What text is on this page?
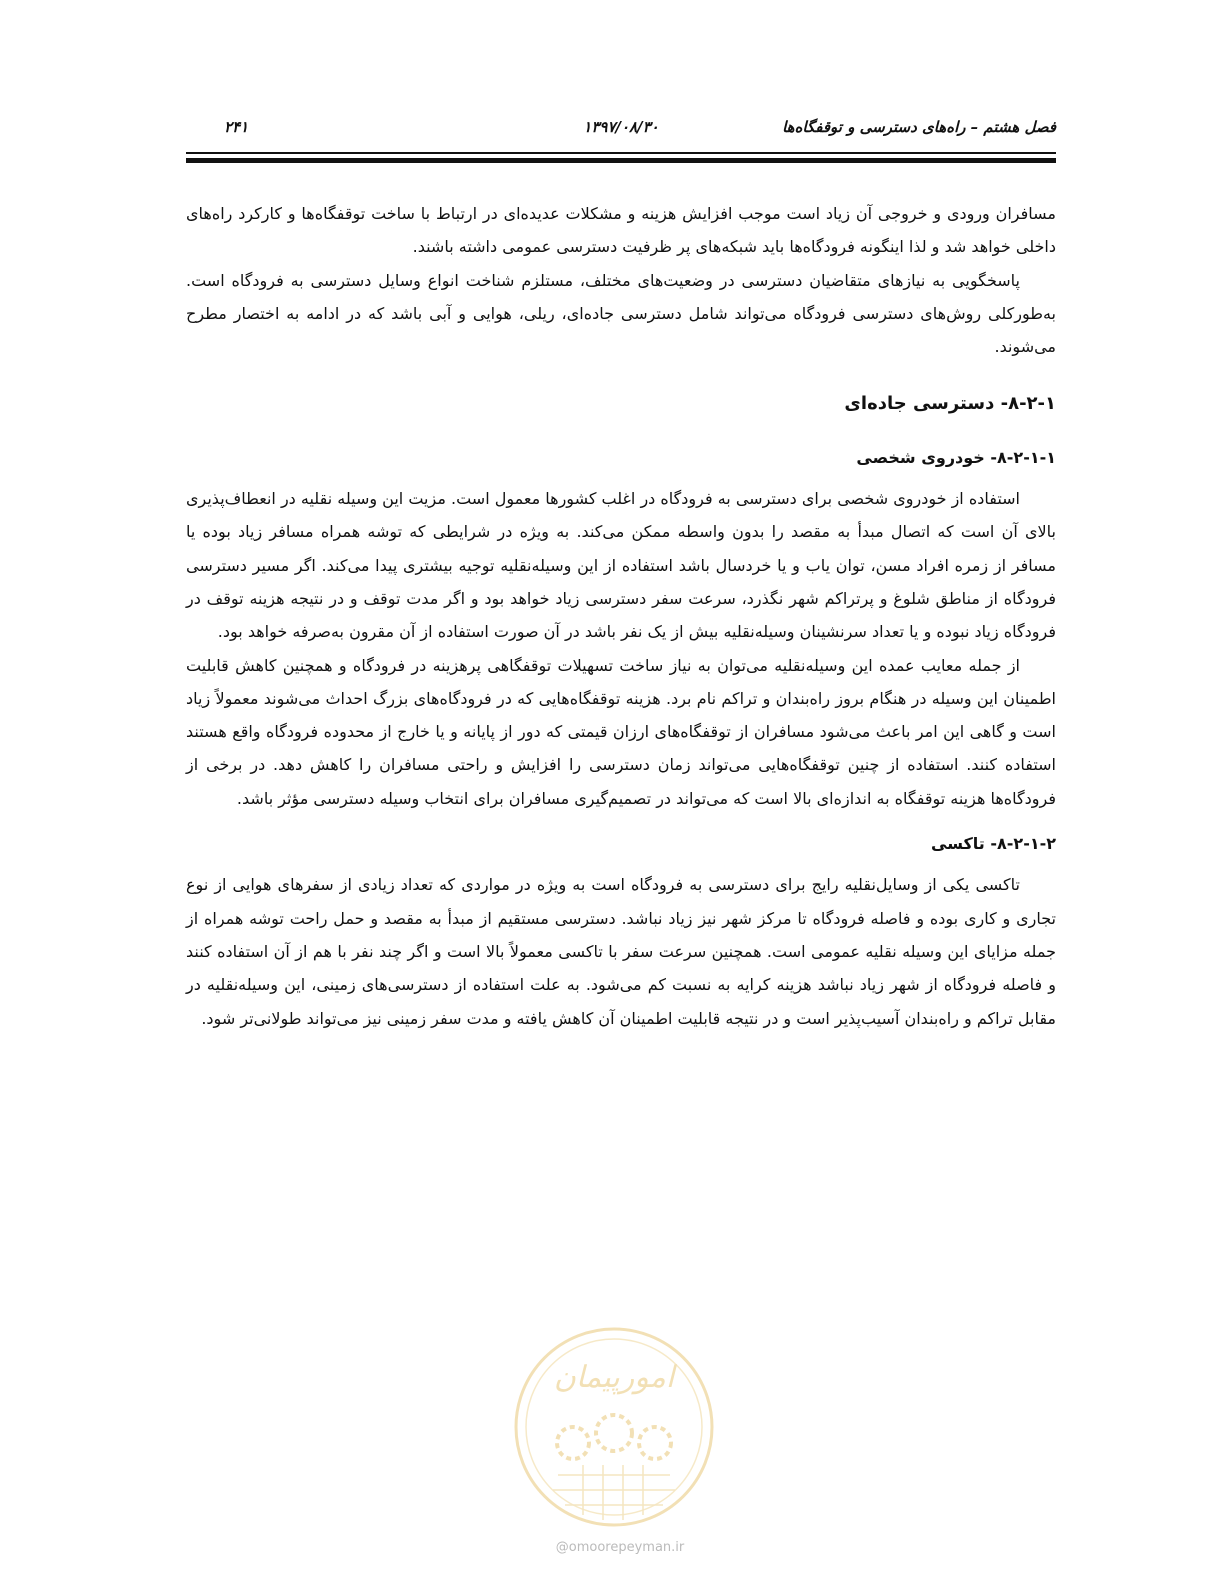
فصل هشتم – راه‌های دسترسی و توقفگاه‌ها
۱۳۹۷/۰۸/۳۰
۲۴۱

مسافران ورودی و خروجی آن زیاد است موجب افزایش هزینه و مشکلات عدیده‌ای در ارتباط با ساخت توقفگاه‌ها و کارکرد راه‌های داخلی خواهد شد و لذا اینگونه فرودگاه‌ها باید شبکه‌های پر ظرفیت دسترسی عمومی داشته باشند.

پاسخگویی به نیازهای متقاضیان دسترسی در وضعیت‌های مختلف، مستلزم شناخت انواع وسایل دسترسی به فرودگاه است. به‌طورکلی روش‌های دسترسی فرودگاه می‌تواند شامل دسترسی جاده‌ای، ریلی، هوایی و آبی باشد که در ادامه به اختصار مطرح می‌شوند.

۸-۲-۱- دسترسی جاده‌ای
۸-۲-۱-۱- خودروی شخصی

استفاده از خودروی شخصی برای دسترسی به فرودگاه در اغلب کشورها معمول است. مزیت این وسیله نقلیه در انعطاف‌پذیری بالای آن است که اتصال مبدأ به مقصد را بدون واسطه ممکن می‌کند. به ویژه در شرایطی که توشه همراه مسافر زیاد بوده یا مسافر از زمره افراد مسن، توان یاب و یا خردسال باشد استفاده از این وسیله‌نقلیه توجیه بیشتری پیدا می‌کند. اگر مسیر دسترسی فرودگاه از مناطق شلوغ و پرتراکم شهر نگذرد، سرعت سفر دسترسی زیاد خواهد بود و اگر مدت توقف و در نتیجه هزینه توقف در فرودگاه زیاد نبوده و یا تعداد سرنشینان وسیله‌نقلیه بیش از یک نفر باشد در آن صورت استفاده از آن مقرون به‌صرفه خواهد بود.

از جمله معایب عمده این وسیله‌نقلیه می‌توان به نیاز ساخت تسهیلات توقفگاهی پرهزینه در فرودگاه و همچنین کاهش قابلیت اطمینان این وسیله در هنگام بروز راه‌بندان و تراکم نام برد. هزینه توقفگاه‌هایی که در فرودگاه‌های بزرگ احداث می‌شوند معمولاً زیاد است و گاهی این امر باعث می‌شود مسافران از توقفگاه‌های ارزان قیمتی که دور از پایانه و یا خارج از محدوده فرودگاه واقع هستند استفاده کنند. استفاده از چنین توقفگاه‌هایی می‌تواند زمان دسترسی را افزایش و راحتی مسافران را کاهش دهد. در برخی از فرودگاه‌ها هزینه توقفگاه به اندازه‌ای بالا است که می‌تواند در تصمیم‌گیری مسافران برای انتخاب وسیله دسترسی مؤثر باشد.

۸-۲-۱-۲- تاکسی

تاکسی یکی از وسایل‌نقلیه رایج برای دسترسی به فرودگاه است به ویژه در مواردی که تعداد زیادی از سفرهای هوایی از نوع تجاری و کاری بوده و فاصله فرودگاه تا مرکز شهر نیز زیاد نباشد. دسترسی مستقیم از مبدأ به مقصد و حمل راحت توشه همراه از جمله مزایای این وسیله نقلیه عمومی است. همچنین سرعت سفر با تاکسی معمولاً بالا است و اگر چند نفر با هم از آن استفاده کنند و فاصله فرودگاه از شهر زیاد نباشد هزینه کرایه به نسبت کم می‌شود. به علت استفاده از دسترسی‌های زمینی، این وسیله‌نقلیه در مقابل تراکم و راه‌بندان آسیب‌پذیر است و در نتیجه قابلیت اطمینان آن کاهش یافته و مدت سفر زمینی نیز می‌تواند طولانی‌تر شود.

امورپیمان
@omoorepeyman.ir
